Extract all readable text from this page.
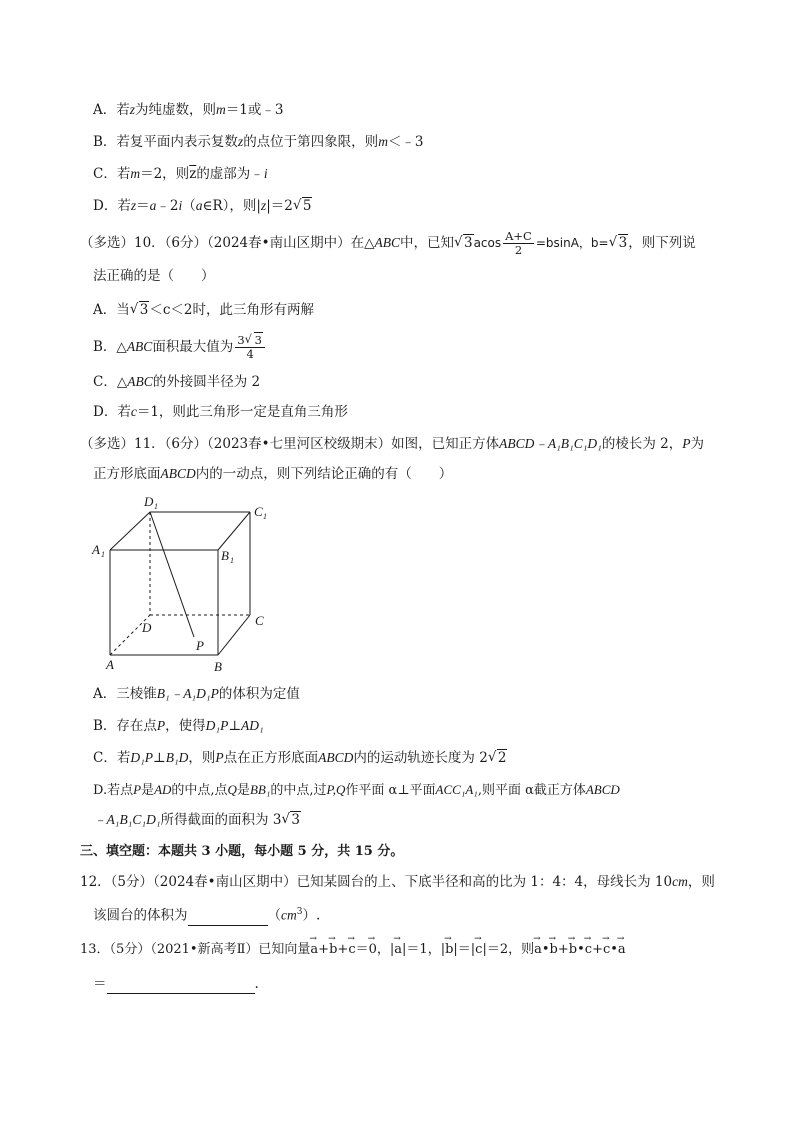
A．若z为纯虚数，则m＝1或﹣3
B．若复平面内表示复数z的点位于第四象限，则m＜﹣3
C．若m＝2，则$\overline{z}$的虚部为﹣i
D．若z＝a﹣2i（a∈R），则|z|＝2 √ 5
（多选）10．（6分）（2024春•南山区期中）在△ABC中，已知 √ $3acos \frac{A+C}{2} =bsinA$，b= √ 3，则下列说
法正确的是（　　）
A．当 √ 3＜c＜2时，此三角形有两解
B．△ABC面积最大值为 $\frac{3 √ 3}{4}$
C．△ABC的外接圆半径为 2
D．若c＝1，则此三角形一定是直角三角形
（多选）11．（6分）（2023春•七里河区校级期末）如图，已知正方体ABCD﹣A₁B₁C₁D₁的棱长为 2，P为
正方形底面ABCD内的一动点，则下列结论正确的有（　　）
D 1	C 1
A 1	B 1
D
P
C
A	B
A．三棱锥B₁﹣A₁D₁P的体积为定值
B．存在点P，使得D₁P⊥AD₁
C．若D₁P⊥B₁D，则P点在正方形底面ABCD内的运动轨迹长度为 2 √ 2
D.若点P是AD的中点,点Q是BB₁的中点,过P,Q作平面 α⊥平面ACC₁A₁,则平面 α截正方体ABCD
﹣A₁B₁C₁D₁所得截面的面积为 3 √ 3
三、填空题：本题共 3 小题，每小题 5 分，共 15 分。
12．（5分）（2024春•南山区期中）已知某圆台的上、下底半径和高的比为 1：4：4，母线长为 10cm，则
该圆台的体积为	$(cm^3)$.
13．（5分）（2021•新高考Ⅱ）已知向量→ a+→ b+→ c＝→ 0，|→ a|＝1，|→ b|＝|→ c|＝2，则→ a•→ b+→ b•→ c+→ c•→ a
＝	.
